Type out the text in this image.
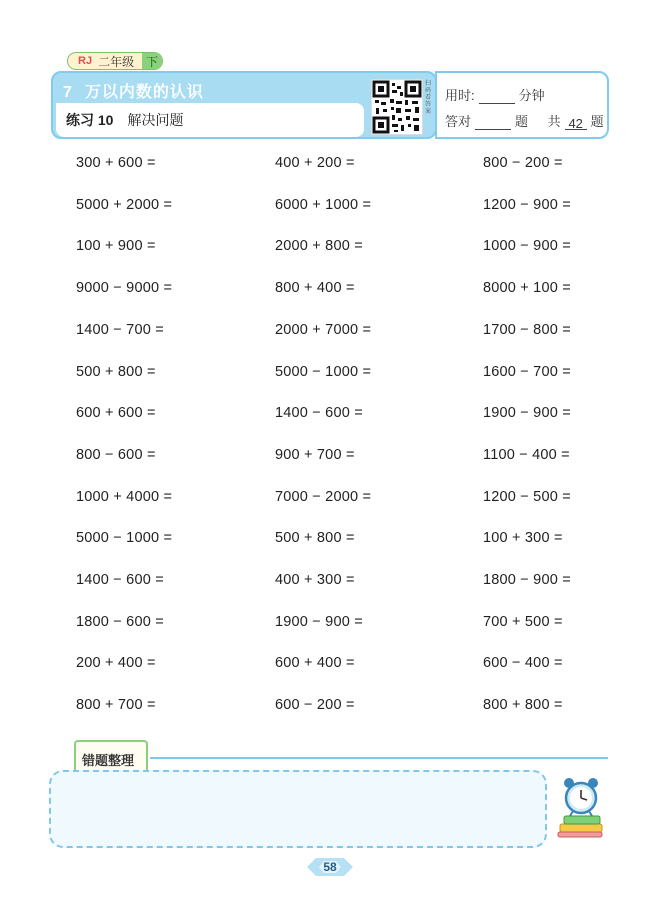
RJ 二年级 下
7 万以内数的认识
练习 10 解决问题
扫码看答案
用时:	分钟
答对	题 共 42 题
300 + 600 =	400 + 200 =	800 − 200 =
5000 + 2000 =	6000 + 1000 =	1200 − 900 =
100 + 900 =	2000 + 800 =	1000 − 900 =
9000 − 9000 =	800 + 400 =	8000 + 100 =
1400 − 700 =	2000 + 7000 =	1700 − 800 =
500 + 800 =	5000 − 1000 =	1600 − 700 =
600 + 600 =	1400 − 600 =	1900 − 900 =
800 − 600 =	900 + 700 =	1100 − 400 =
1000 + 4000 =	7000 − 2000 =	1200 − 500 =
5000 − 1000 =	500 + 800 =	100 + 300 =
1400 − 600 =	400 + 300 =	1800 − 900 =
1800 − 600 =	1900 − 900 =	700 + 500 =
200 + 400 =	600 + 400 =	600 − 400 =
800 + 700 =	600 − 200 =	800 + 800 =
错题整理
58
